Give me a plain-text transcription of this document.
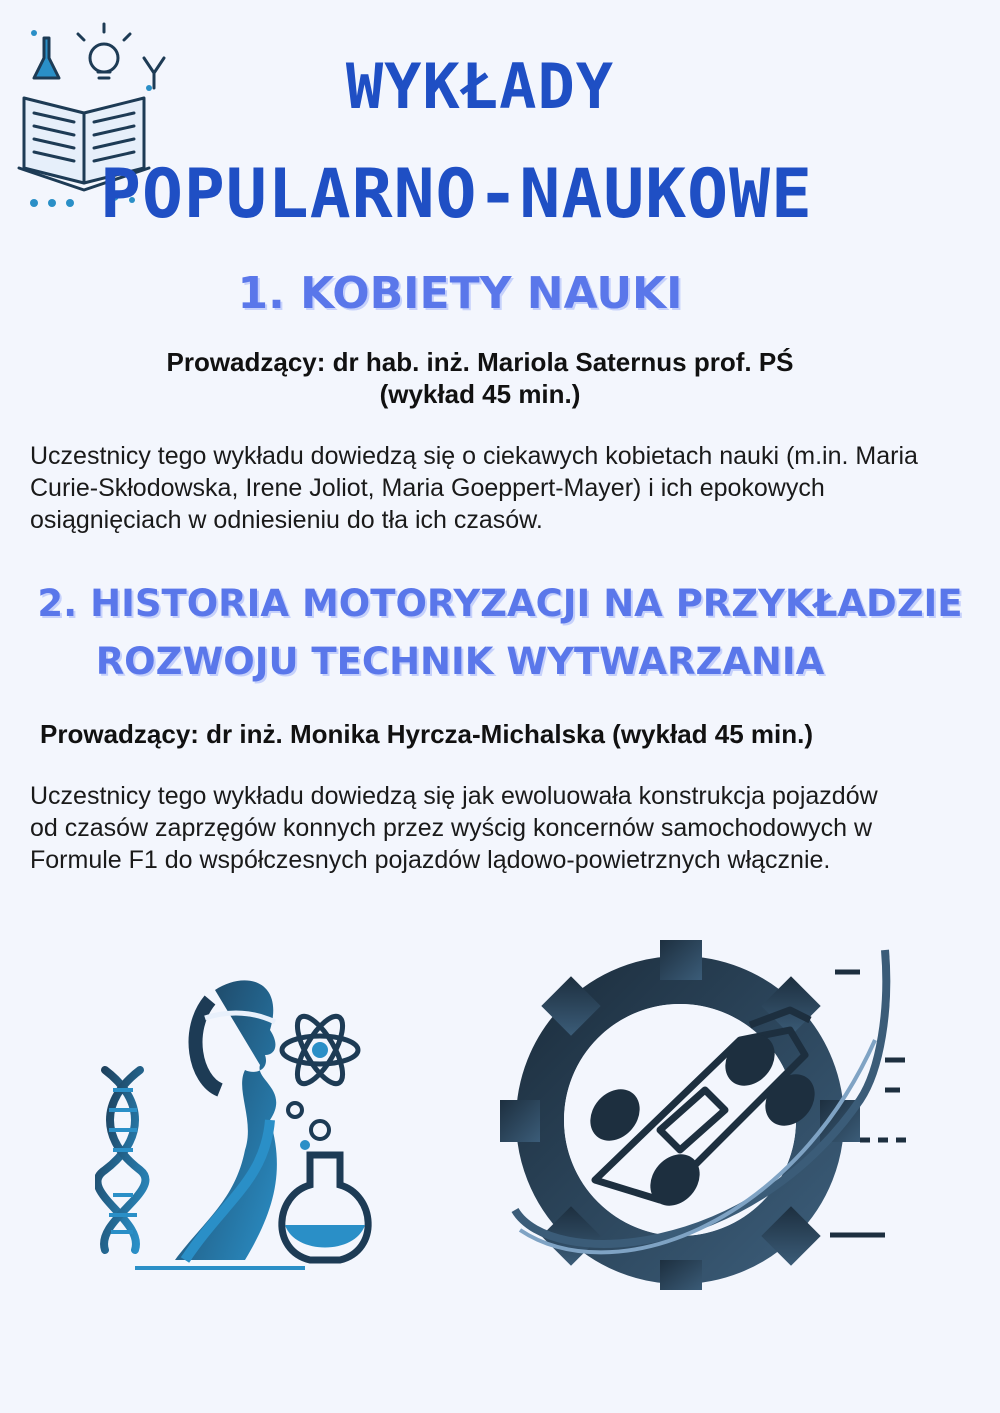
WYKŁADY
POPULARNO-NAUKOWE
1. KOBIETY NAUKI

Prowadzący: dr hab. inż. Mariola Saternus prof. PŚ
(wykład 45 min.)

Uczestnicy tego wykładu dowiedzą się o ciekawych kobietach nauki (m.in. Maria Curie-Skłodowska, Irene Joliot, Maria Goeppert-Mayer) i ich epokowych osiągnięciach w odniesieniu do tła ich czasów.

2. HISTORIA MOTORYZACJI NA PRZYKŁADZIE
ROZWOJU TECHNIK WYTWARZANIA

Prowadzący: dr inż. Monika Hyrcza-Michalska (wykład 45 min.)

Uczestnicy tego wykładu dowiedzą się jak ewoluowała konstrukcja pojazdów od czasów zaprzęgów konnych przez wyścig koncernów samochodowych w Formule F1 do współczesnych pojazdów lądowo-powietrznych włącznie.
